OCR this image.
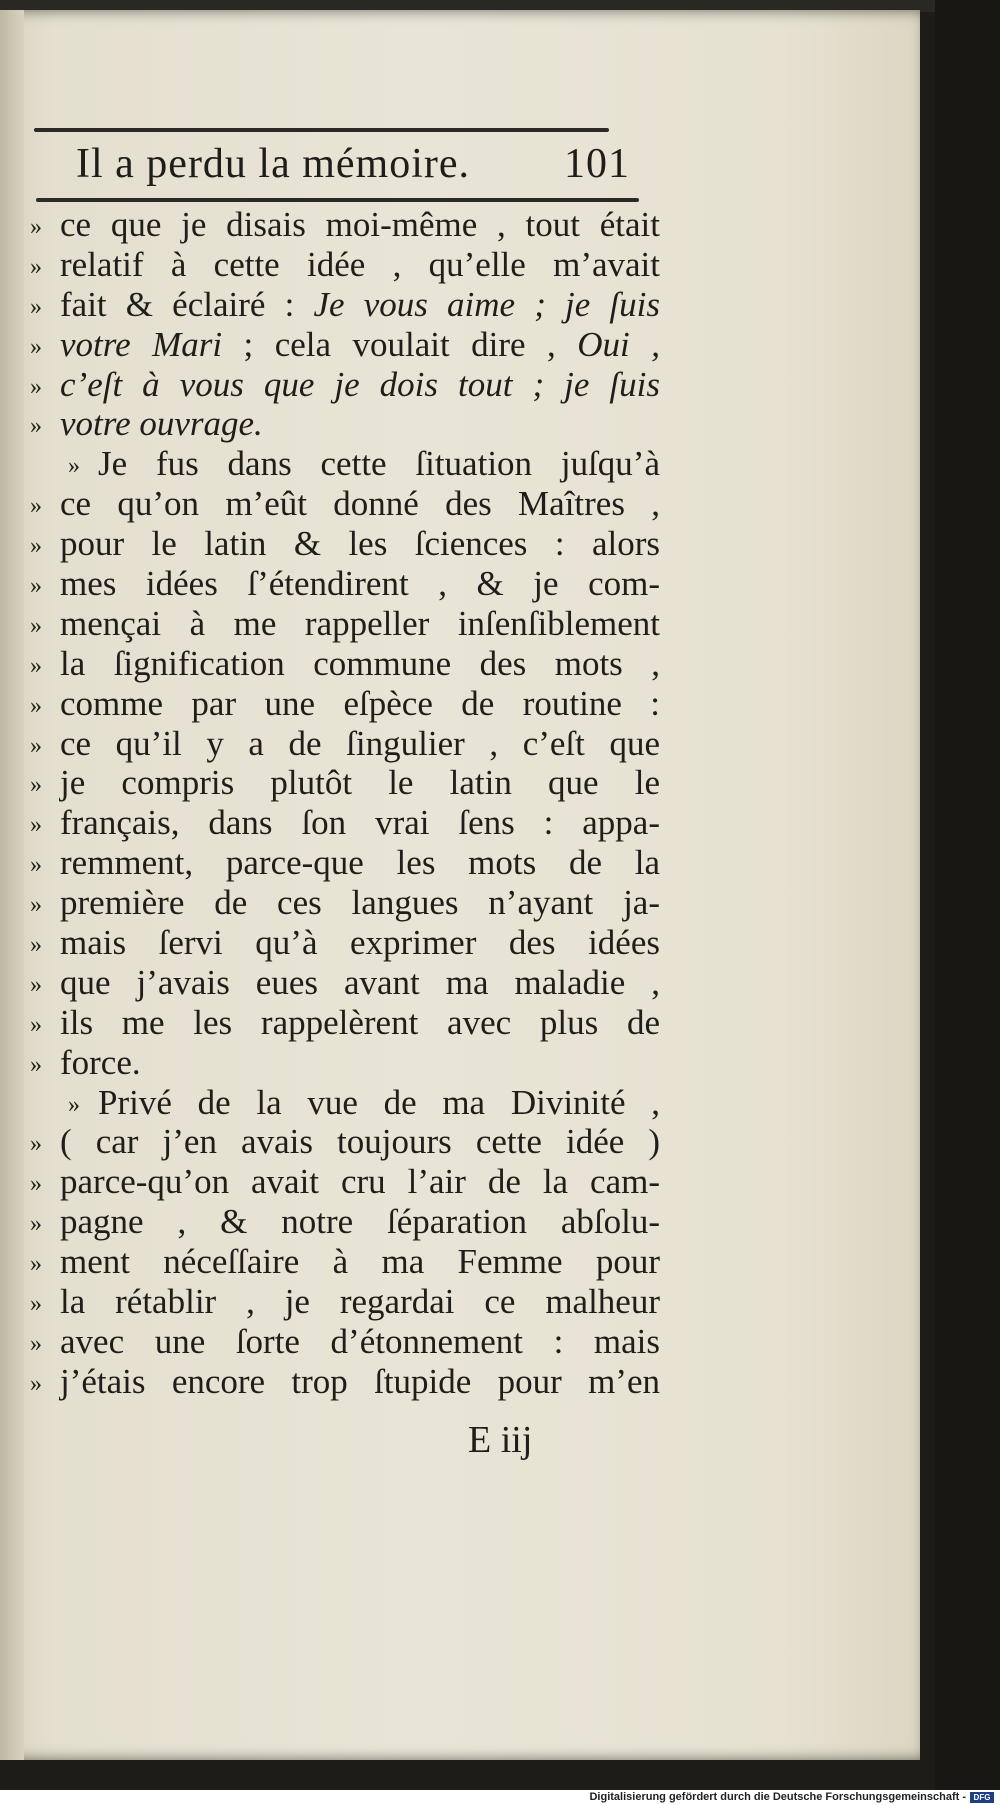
Il a perdu la mémoire. 101
» ce que je disais moi-même , tout était
» relatif à cette idée , qu’elle m’avait
» fait & éclairé : Je vous aime ; je ſuis
» votre Mari ; cela voulait dire , Oui ,
» c’eſt à vous que je dois tout ; je ſuis
» votre ouvrage.
» Je fus dans cette ſituation juſqu’à
» ce qu’on m’eût donné des Maîtres ,
» pour le latin & les ſciences : alors
» mes idées ſ’étendirent , & je com-
» mençai à me rappeller inſenſiblement
» la ſignification commune des mots ,
» comme par une eſpèce de routine :
» ce qu’il y a de ſingulier , c’eſt que
» je compris plutôt le latin que le
» français, dans ſon vrai ſens : appa-
» remment, parce-que les mots de la
» première de ces langues n’ayant ja-
» mais ſervi qu’à exprimer des idées
» que j’avais eues avant ma maladie ,
» ils me les rappelèrent avec plus de
» force.
» Privé de la vue de ma Divinité ,
» ( car j’en avais toujours cette idée )
» parce-qu’on avait cru l’air de la cam-
» pagne , & notre ſéparation abſolu-
» ment néceſſaire à ma Femme pour
» la rétablir , je regardai ce malheur
» avec une ſorte d’étonnement : mais
» j’étais encore trop ſtupide pour m’en
E iij
Digitalisierung gefördert durch die Deutsche Forschungsgemeinschaft - DFG
